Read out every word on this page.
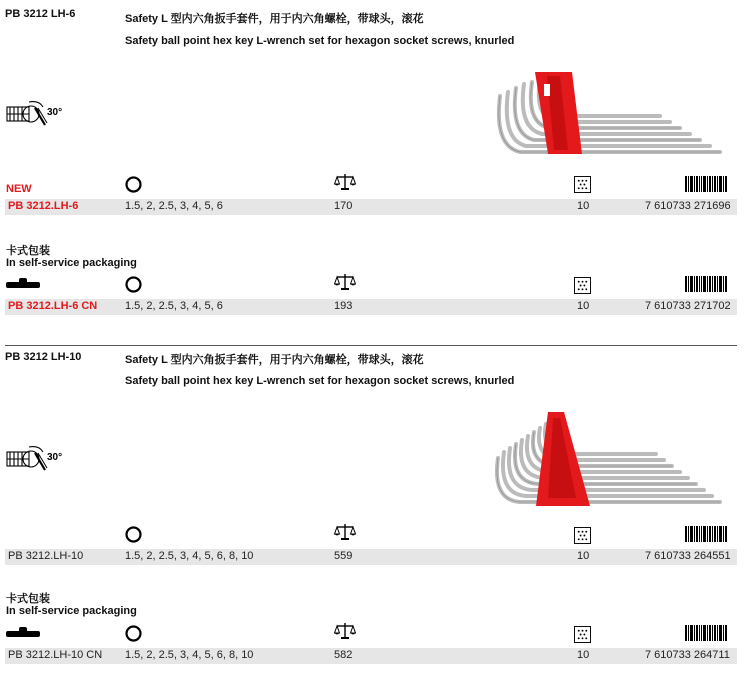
PB 3212 LH-6	Safety L 型内六角扳手套件，用于内六角螺栓，带球头，滚花
Safety ball point hex key L-wrench set for hexagon socket screws, knurled
NEW
PB 3212.LH-6	1.5, 2, 2.5, 3, 4, 5, 6	170	10	7 610733 271696
卡式包装
In self-service packaging
PB 3212.LH-6 CN	1.5, 2, 2.5, 3, 4, 5, 6	193	10	7 610733 271702
PB 3212 LH-10	Safety L 型内六角扳手套件，用于内六角螺栓，带球头，滚花
Safety ball point hex key L-wrench set for hexagon socket screws, knurled
PB 3212.LH-10	1.5, 2, 2.5, 3, 4, 5, 6, 8, 10	559	10	7 610733 264551
卡式包装
In self-service packaging
PB 3212.LH-10 CN 1.5, 2, 2.5, 3, 4, 5, 6, 8, 10	582	10	7 610733 264711
